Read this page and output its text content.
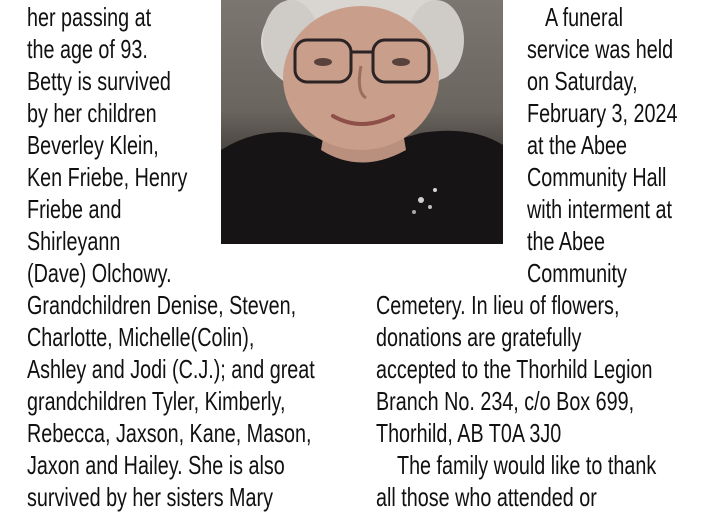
her passing at
the age of 93.
Betty is survived
by her children
Beverley Klein,
Ken Friebe, Henry
Friebe and
Shirleyann
(Dave) Olchowy.
Grandchildren Denise, Steven,
Charlotte, Michelle(Colin),
Ashley and Jodi (C.J.); and great
grandchildren Tyler, Kimberly,
Rebecca, Jaxson, Kane, Mason,
Jaxon and Hailey. She is also
survived by her sisters Mary
A funeral
service was held
on Saturday,
February 3, 2024
at the Abee
Community Hall
with interment at
the Abee
Community
Cemetery. In lieu of flowers,
donations are gratefully
accepted to the Thorhild Legion
Branch No. 234, c/o Box 699,
Thorhild, AB T0A 3J0
The family would like to thank
all those who attended or
